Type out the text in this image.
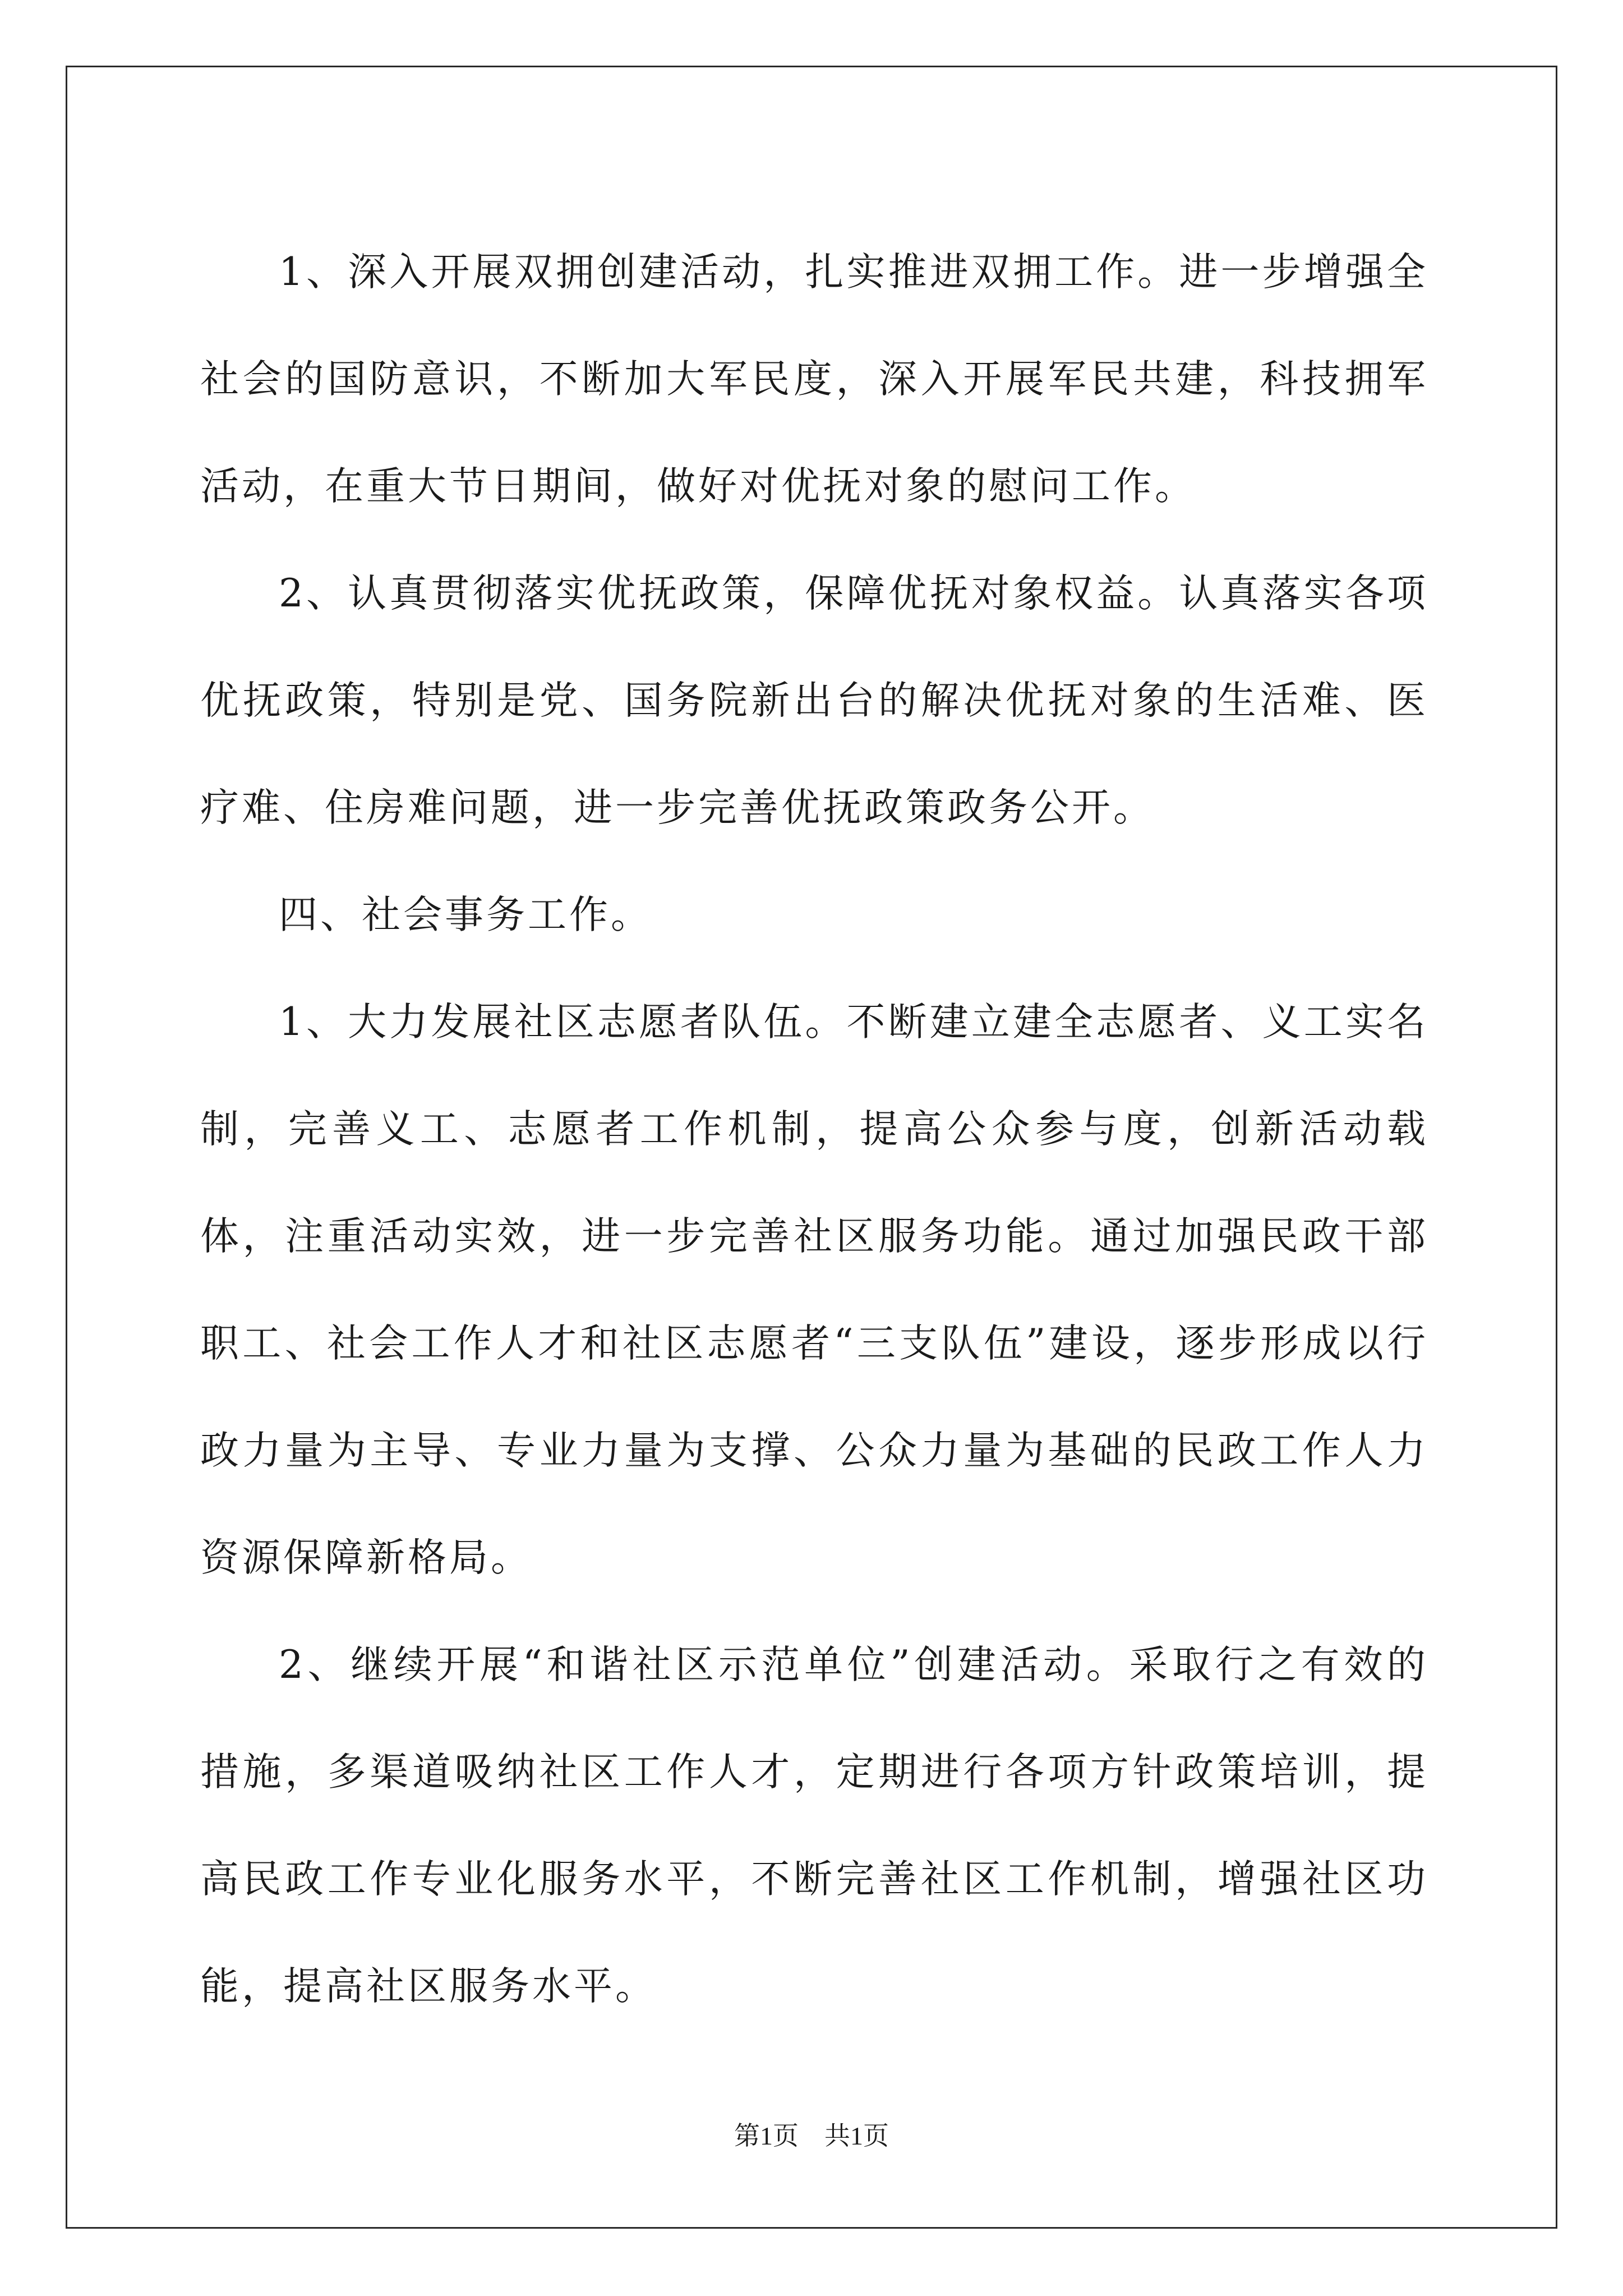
1、深入开展双拥创建活动，扎实推进双拥工作。进一步增强全社会的国防意识，不断加大军民度，深入开展军民共建，科技拥军活动，在重大节日期间，做好对优抚对象的慰问工作。

2、认真贯彻落实优抚政策，保障优抚对象权益。认真落实各项优抚政策，特别是党、国务院新出台的解决优抚对象的生活难、医疗难、住房难问题，进一步完善优抚政策政务公开。

四、社会事务工作。

1、大力发展社区志愿者队伍。不断建立建全志愿者、义工实名制，完善义工、志愿者工作机制，提高公众参与度，创新活动载体，注重活动实效，进一步完善社区服务功能。通过加强民政干部职工、社会工作人才和社区志愿者“三支队伍”建设，逐步形成以行政力量为主导、专业力量为支撑、公众力量为基础的民政工作人力资源保障新格局。

2、继续开展“和谐社区示范单位”创建活动。采取行之有效的措施，多渠道吸纳社区工作人才，定期进行各项方针政策培训，提高民政工作专业化服务水平，不断完善社区工作机制，增强社区功能，提高社区服务水平。

第1页　共1页
